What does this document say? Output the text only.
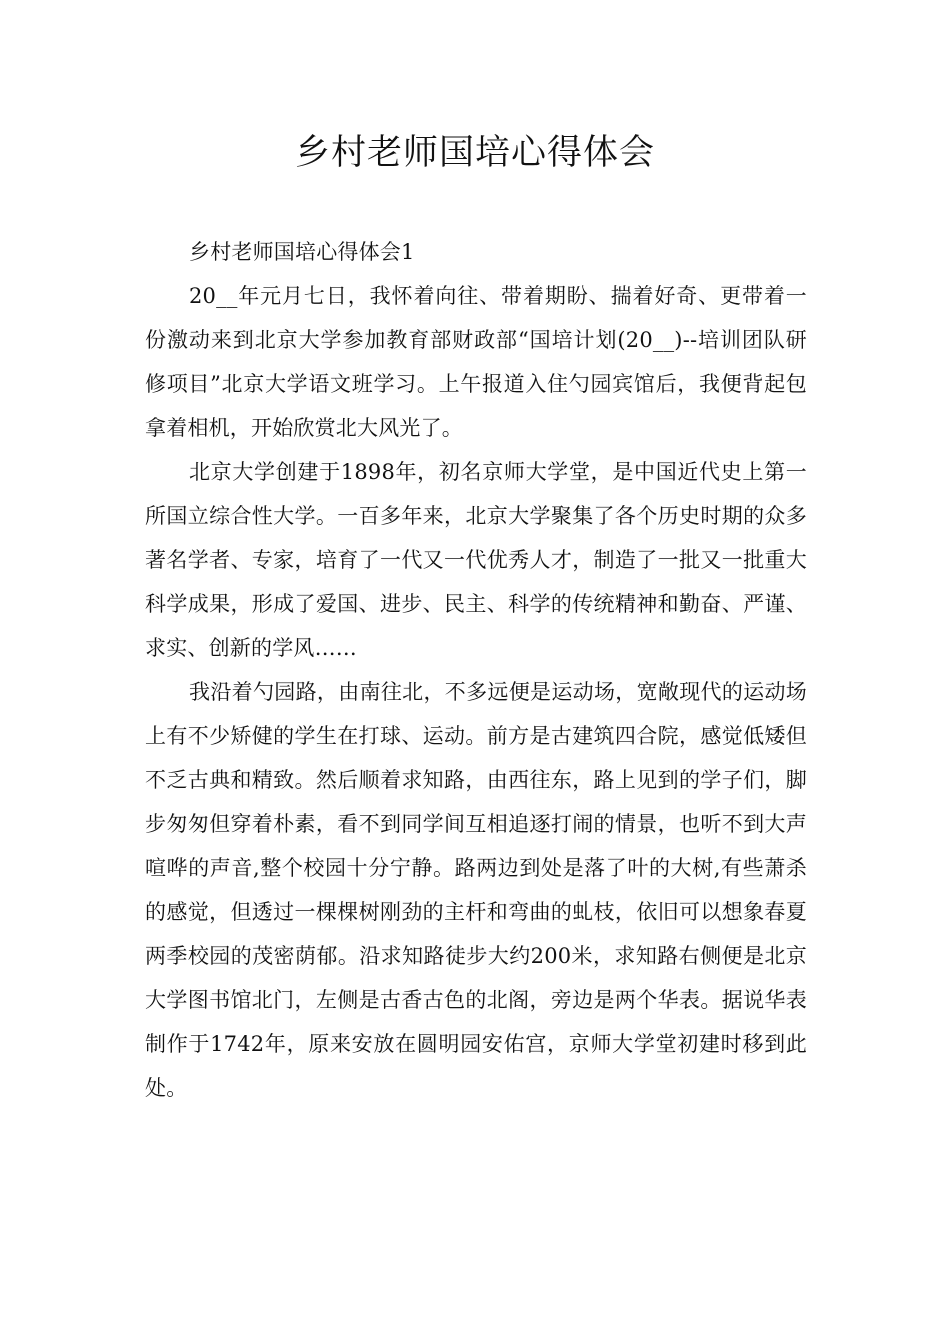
乡村老师国培心得体会

乡村老师国培心得体会1

20__年元月七日，我怀着向往、带着期盼、揣着好奇、更带着一份激动来到北京大学参加教育部财政部“国培计划(20__)--培训团队研修项目”北京大学语文班学习。上午报道入住勺园宾馆后，我便背起包拿着相机，开始欣赏北大风光了。

北京大学创建于1898年，初名京师大学堂，是中国近代史上第一所国立综合性大学。一百多年来，北京大学聚集了各个历史时期的众多著名学者、专家，培育了一代又一代优秀人才，制造了一批又一批重大科学成果，形成了爱国、进步、民主、科学的传统精神和勤奋、严谨、求实、创新的学风……

我沿着勺园路，由南往北，不多远便是运动场，宽敞现代的运动场上有不少矫健的学生在打球、运动。前方是古建筑四合院，感觉低矮但不乏古典和精致。然后顺着求知路，由西往东，路上见到的学子们，脚步匆匆但穿着朴素，看不到同学间互相追逐打闹的情景，也听不到大声喧哗的声音,整个校园十分宁静。路两边到处是落了叶的大树,有些萧杀的感觉，但透过一棵棵树刚劲的主杆和弯曲的虬枝，依旧可以想象春夏两季校园的茂密荫郁。沿求知路徒步大约200米，求知路右侧便是北京大学图书馆北门，左侧是古香古色的北阁，旁边是两个华表。据说华表制作于1742年，原来安放在圆明园安佑宫，京师大学堂初建时移到此处。
